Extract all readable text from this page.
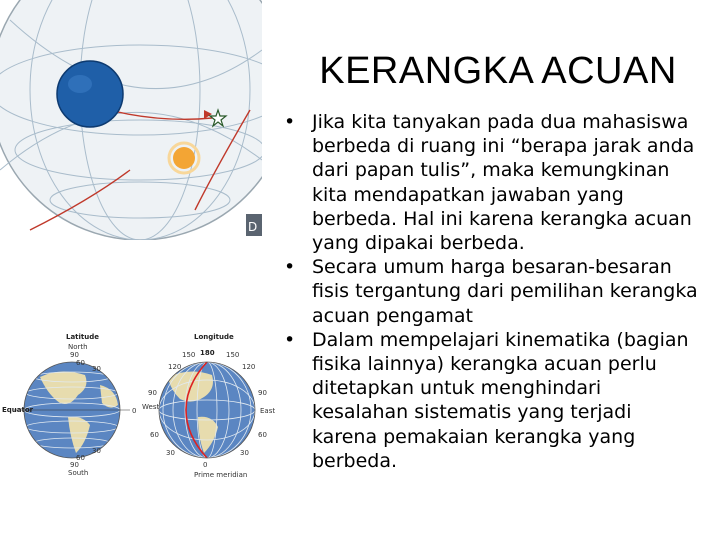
D
Latitude
North
90
60
30
Equator	0
30
60
90
South
Longitude
180
150
120
90
West
60
30
150
120
90
East
60
30
0
Prime meridian
KERANGKA ACUAN
• Jika kita tanyakan pada dua mahasiswa berbeda di ruang ini “berapa jarak anda dari papan tulis”, maka kemungkinan kita mendapatkan jawaban yang berbeda. Hal ini karena kerangka acuan yang dipakai berbeda.
• Secara umum harga besaran-besaran fisis tergantung dari pemilihan kerangka acuan pengamat
• Dalam mempelajari kinematika (bagian fisika lainnya) kerangka acuan perlu ditetapkan untuk menghindari kesalahan sistematis yang terjadi karena pemakaian kerangka yang berbeda.
